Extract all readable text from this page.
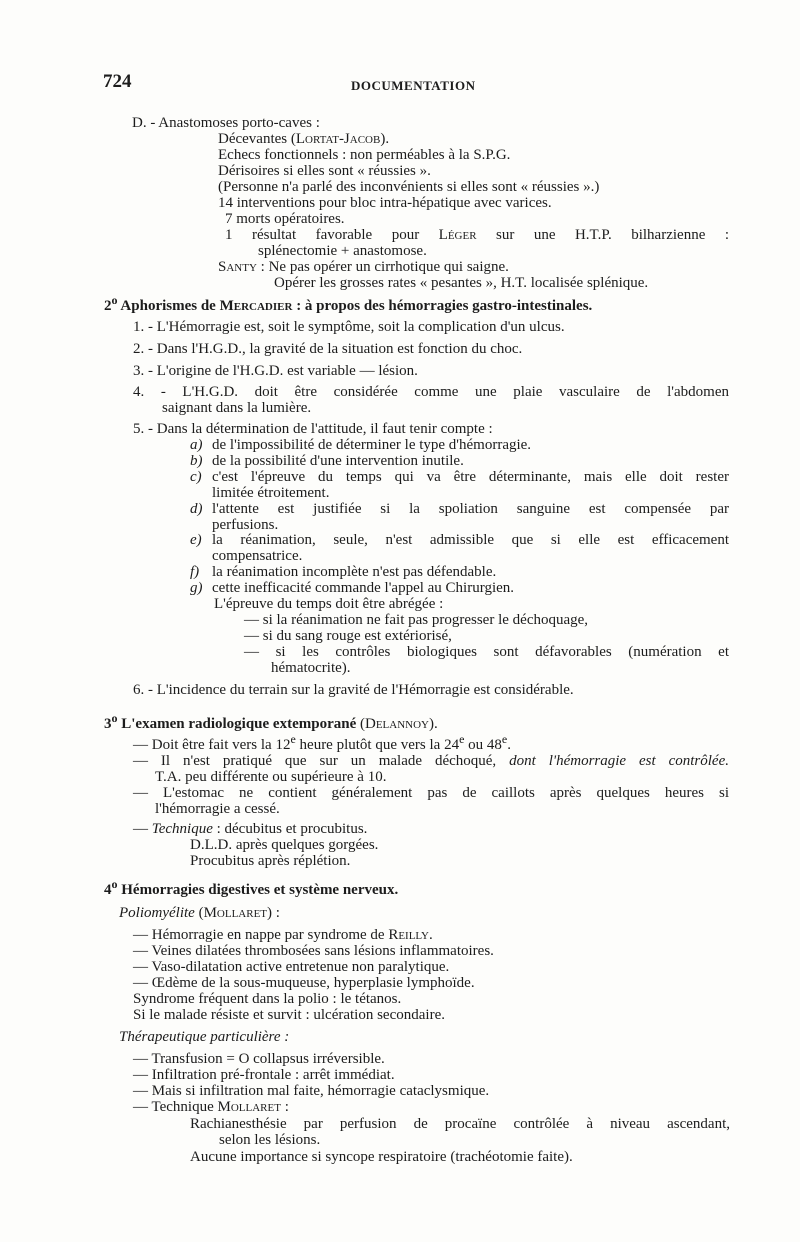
724	DOCUMENTATION
D. - Anastomoses porto-caves :
Décevantes (Lortat-Jacob).
Echecs fonctionnels : non perméables à la S.P.G.
Dérisoires si elles sont « réussies ».
(Personne n'a parlé des inconvénients si elles sont « réussies ».)
14 interventions pour bloc intra-hépatique avec varices.
7 morts opératoires.
1 résultat favorable pour Léger sur une H.T.P. bilharzienne :
splénectomie + anastomose.
Santy : Ne pas opérer un cirrhotique qui saigne.
Opérer les grosses rates « pesantes », H.T. localisée splénique.
2$^o$ Aphorismes de Mercadier : à propos des hémorragies gastro-intestinales.
1. - L'Hémorragie est, soit le symptôme, soit la complication d'un ulcus.
2. - Dans l'H.G.D., la gravité de la situation est fonction du choc.
3. - L'origine de l'H.G.D. est variable — lésion.
4. - L'H.G.D. doit être considérée comme une plaie vasculaire de l'abdomen
saignant dans la lumière.
5. - Dans la détermination de l'attitude, il faut tenir compte :
a) de l'impossibilité de déterminer le type d'hémorragie.
b) de la possibilité d'une intervention inutile.
c) c'est l'épreuve du temps qui va être déterminante, mais elle doit rester
limitée étroitement.
d) l'attente est justifiée si la spoliation sanguine est compensée par
perfusions.
e) la réanimation, seule, n'est admissible que si elle est efficacement
compensatrice.
f) la réanimation incomplète n'est pas défendable.
g) cette inefficacité commande l'appel au Chirurgien.
L'épreuve du temps doit être abrégée :
— si la réanimation ne fait pas progresser le déchoquage,
— si du sang rouge est extériorisé,
— si les contrôles biologiques sont défavorables (numération et
hématocrite).
6. - L'incidence du terrain sur la gravité de l'Hémorragie est considérable.
3$^o$ L'examen radiologique extemporané (Delannoy).
— Doit être fait vers la 12e heure plutôt que vers la 24e ou 48e.
— Il n'est pratiqué que sur un malade déchoqué, dont l'hémorragie est contrôlée.
T.A. peu différente ou supérieure à 10.
— L'estomac ne contient généralement pas de caillots après quelques heures si
l'hémorragie a cessé.
— Technique : décubitus et procubitus.
D.L.D. après quelques gorgées.
Procubitus après réplétion.
4$^o$ Hémorragies digestives et système nerveux.
Poliomyélite (Mollaret) :
— Hémorragie en nappe par syndrome de Reilly.
— Veines dilatées thrombosées sans lésions inflammatoires.
— Vaso-dilatation active entretenue non paralytique.
— Œdème de la sous-muqueuse, hyperplasie lymphoïde.
Syndrome fréquent dans la polio : le tétanos.
Si le malade résiste et survit : ulcération secondaire.
Thérapeutique particulière :
— Transfusion = O collapsus irréversible.
— Infiltration pré-frontale : arrêt immédiat.
— Mais si infiltration mal faite, hémorragie cataclysmique.
— Technique Mollaret :
Rachianesthésie par perfusion de procaïne contrôlée à niveau ascendant,
selon les lésions.
Aucune importance si syncope respiratoire (trachéotomie faite).
